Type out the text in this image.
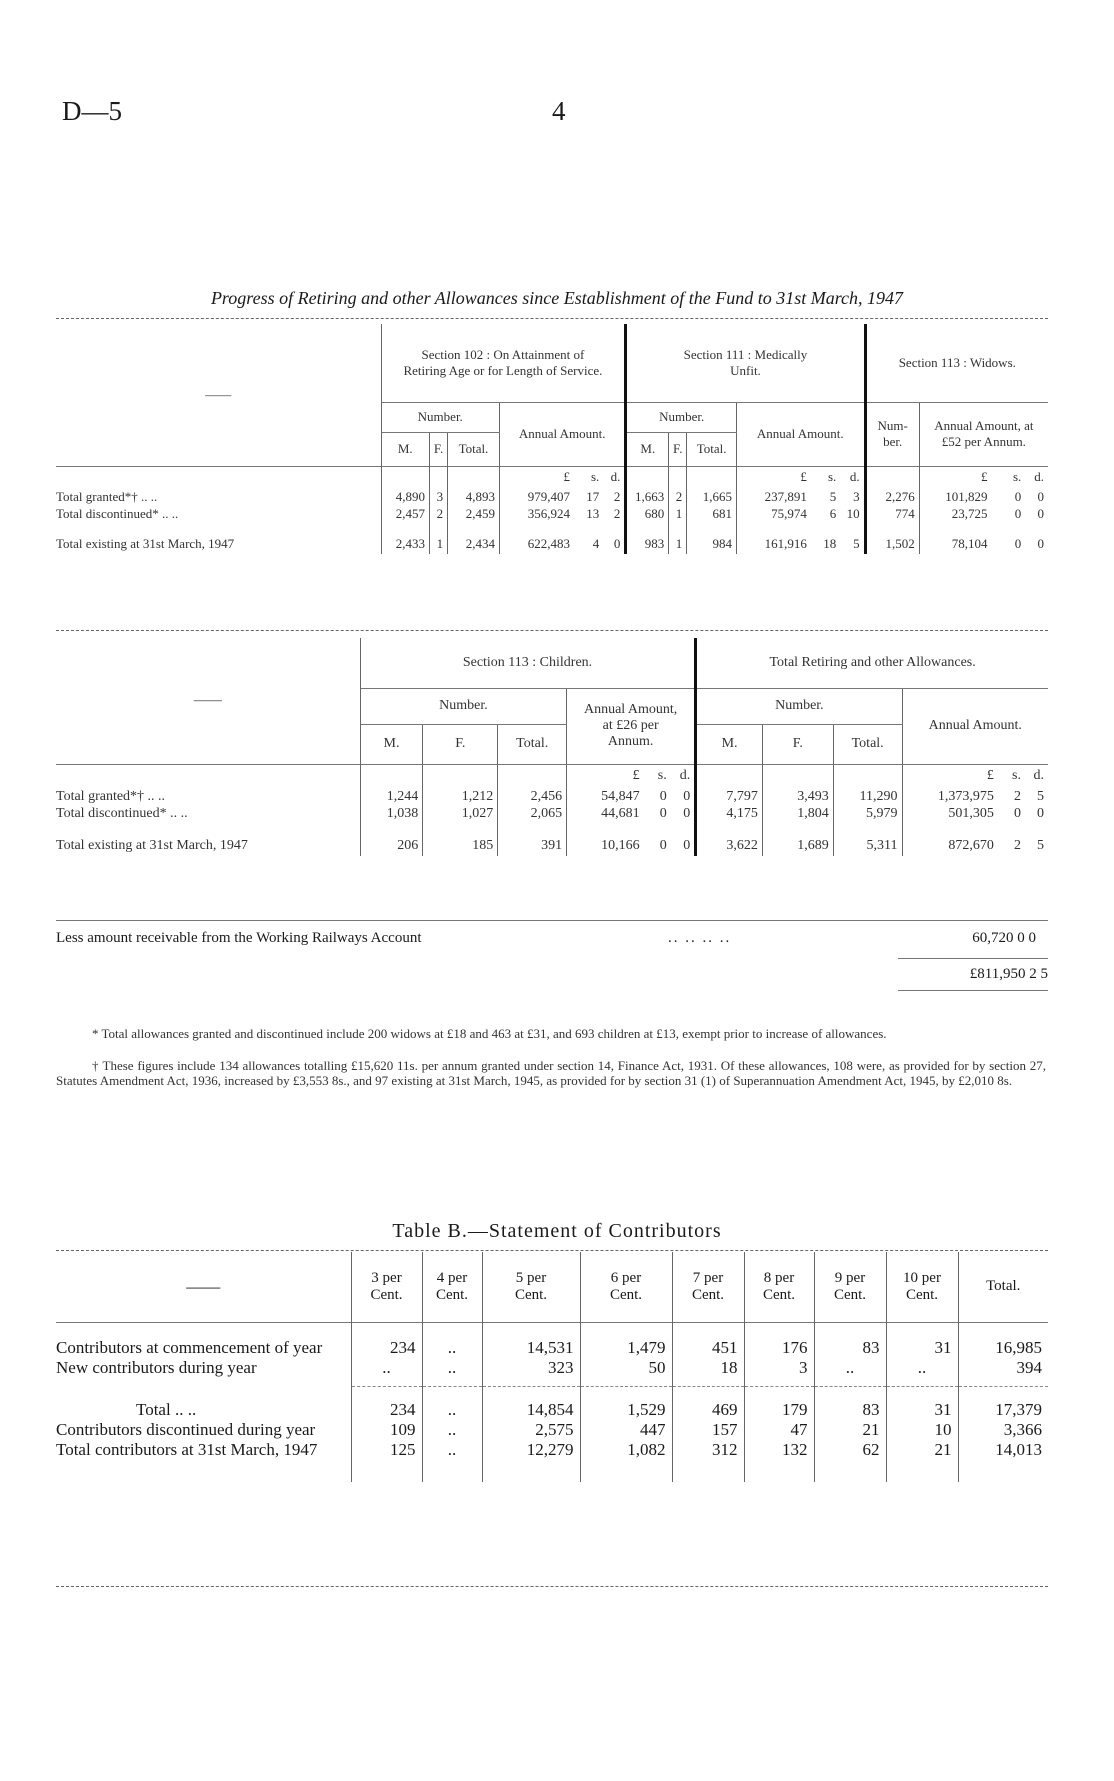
D—5	4
Progress of Retiring and other Allowances since Establishment of the Fund to 31st March, 1947
——	Section 102 : On Attainment of Retiring Age or for Length of Service.						Section 111 : Medically Unfit.						Section 113 : Widows.			
	Number.			Annual Amount.			Number.			Annual Amount.			Num- ber.	Annual Amount, at £52 per Annum.		
	M.	F.	Total.				M.	F.	Total.							
				£	s.	d.				£	s.	d.		£	s.	d.
Total granted*† .. ..	4,890	3	4,893	979,407	17	2	1,663	2	1,665	237,891	5	3	2,276	101,829	0	0
Total discontinued* .. ..	2,457	2	2,459	356,924	13	2	680	1	681	75,974	6	10	774	23,725	0	0

Total existing at 31st March, 1947	2,433	1	2,434	622,483	4	0	983	1	984	161,916	18	5	1,502	78,104	0	0
——	Section 113 : Children.						Total Retiring and other Allowances.					
	Number.			Annual Amount, at £26 per Annum.			Number.			Annual Amount.		
	M.	F.	Total.				M.	F.	Total.			
				£	s.	d.				£	s.	d.
Total granted*† .. ..	1,244	1,212	2,456	54,847	0	0	7,797	3,493	11,290	1,373,975	2	5
Total discontinued* .. ..	1,038	1,027	2,065	44,681	0	0	4,175	1,804	5,979	501,305	0	0

Total existing at 31st March, 1947	206	185	391	10,166	0	0	3,622	1,689	5,311	872,670	2	5
Less amount receivable from the Working Railways Account	.. .. .. ..	60,720 0 0
£811,950 2 5
* Total allowances granted and discontinued include 200 widows at £18 and 463 at £31, and 693 children at £13, exempt prior to increase of allowances.
† These figures include 134 allowances totalling £15,620 11s. per annum granted under section 14, Finance Act, 1931. Of these allowances, 108 were, as provided for by section 27, Statutes Amendment Act, 1936, increased by £3,553 8s., and 97 existing at 31st March, 1945, as provided for by section 31 (1) of Superannuation Amendment Act, 1945, by £2,010 8s.
Table B.—Statement of Contributors
——	3 per Cent.	4 per Cent.	5 per Cent.	6 per Cent.	7 per Cent.	8 per Cent.	9 per Cent.	10 per Cent.	Total.

Contributors at commencement of year	234	..	14,531	1,479	451	176	83	31	16,985
New contributors during year	..	..	323	50	18	3	..	..	394

Total .. ..	234	..	14,854	1,529	469	179	83	31	17,379
Contributors discontinued during year	109	..	2,575	447	157	47	21	10	3,366
Total contributors at 31st March, 1947	125	..	12,279	1,082	312	132	62	21	14,013
